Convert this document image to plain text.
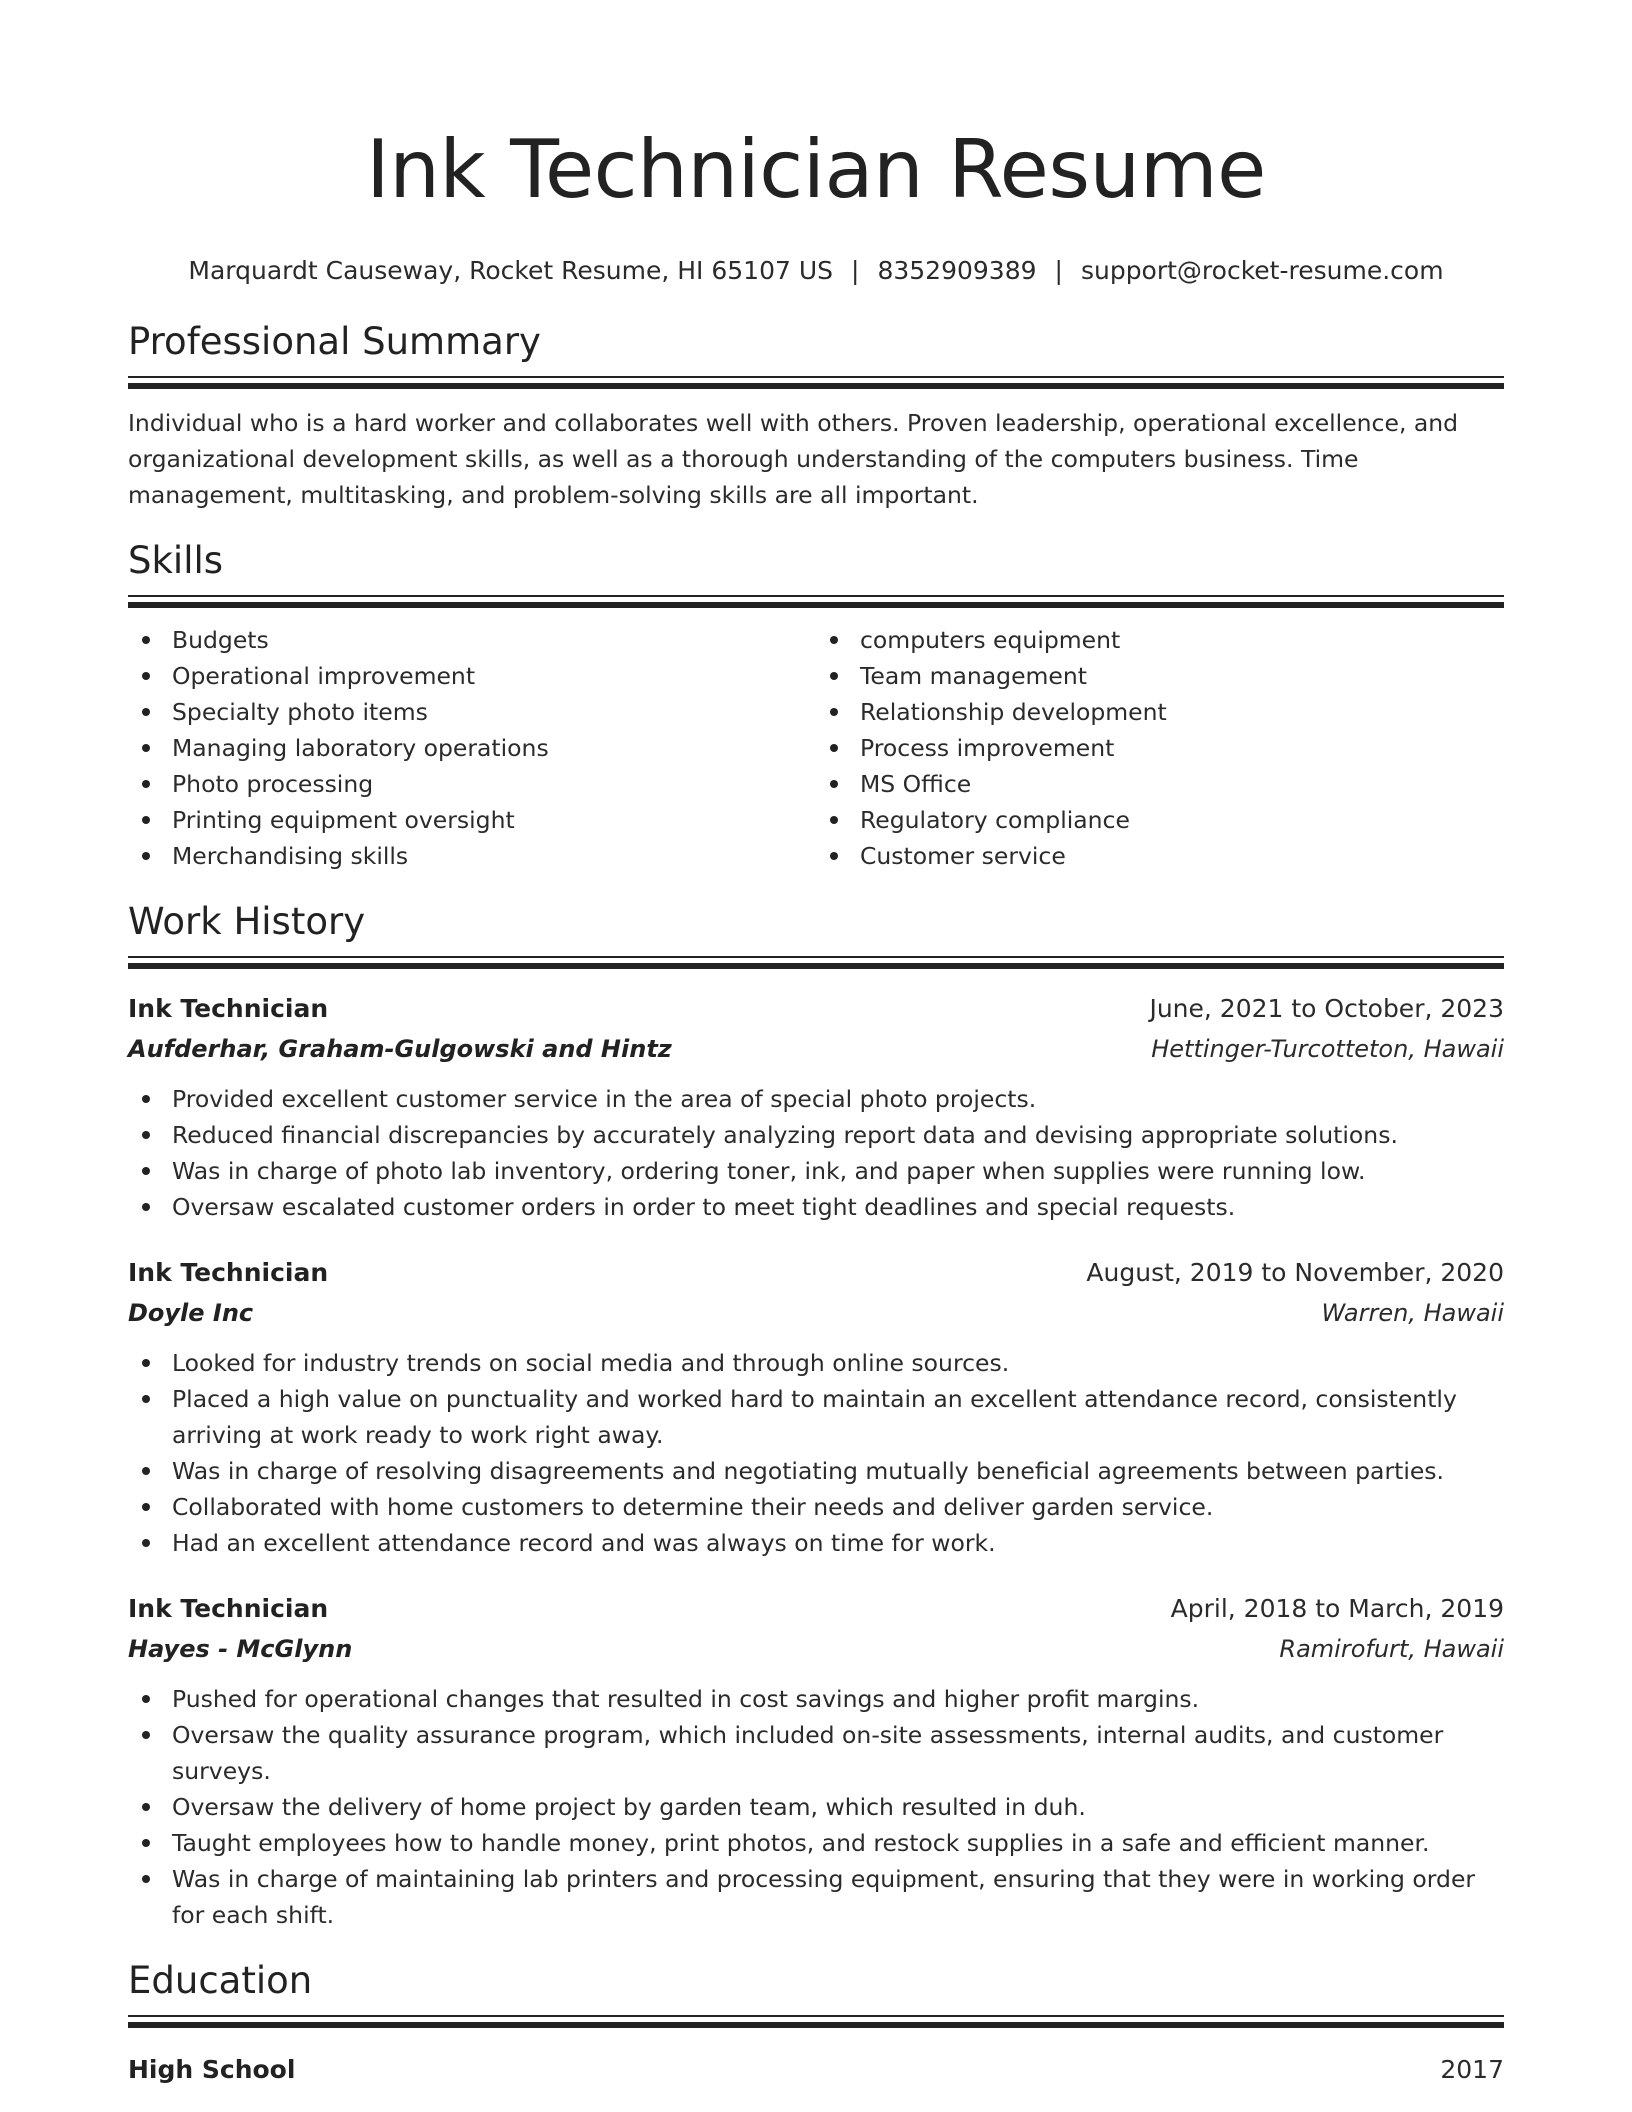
Ink Technician Resume
Marquardt Causeway, Rocket Resume, HI 65107 US | 8352909389 | support@rocket-resume.com
Professional Summary

Individual who is a hard worker and collaborates well with others. Proven leadership, operational excellence, and organizational development skills, as well as a thorough understanding of the computers business. Time management, multitasking, and problem-solving skills are all important.

Skills
Budgets
Operational improvement
Specialty photo items
Managing laboratory operations
Photo processing
Printing equipment oversight
Merchandising skills
computers equipment
Team management
Relationship development
Process improvement
MS Office
Regulatory compliance
Customer service
Work History
Ink Technician	June, 2021 to October, 2023
Aufderhar, Graham-Gulgowski and Hintz	Hettinger-Turcotteton, Hawaii
Provided excellent customer service in the area of special photo projects.
Reduced financial discrepancies by accurately analyzing report data and devising appropriate solutions.
Was in charge of photo lab inventory, ordering toner, ink, and paper when supplies were running low.
Oversaw escalated customer orders in order to meet tight deadlines and special requests.
Ink Technician	August, 2019 to November, 2020
Doyle Inc	Warren, Hawaii
Looked for industry trends on social media and through online sources.
Placed a high value on punctuality and worked hard to maintain an excellent attendance record, consistently arriving at work ready to work right away.
Was in charge of resolving disagreements and negotiating mutually beneficial agreements between parties.
Collaborated with home customers to determine their needs and deliver garden service.
Had an excellent attendance record and was always on time for work.
Ink Technician	April, 2018 to March, 2019
Hayes - McGlynn	Ramirofurt, Hawaii
Pushed for operational changes that resulted in cost savings and higher profit margins.
Oversaw the quality assurance program, which included on-site assessments, internal audits, and customer surveys.
Oversaw the delivery of home project by garden team, which resulted in duh.
Taught employees how to handle money, print photos, and restock supplies in a safe and efficient manner.
Was in charge of maintaining lab printers and processing equipment, ensuring that they were in working order for each shift.
Education
High School	2017
